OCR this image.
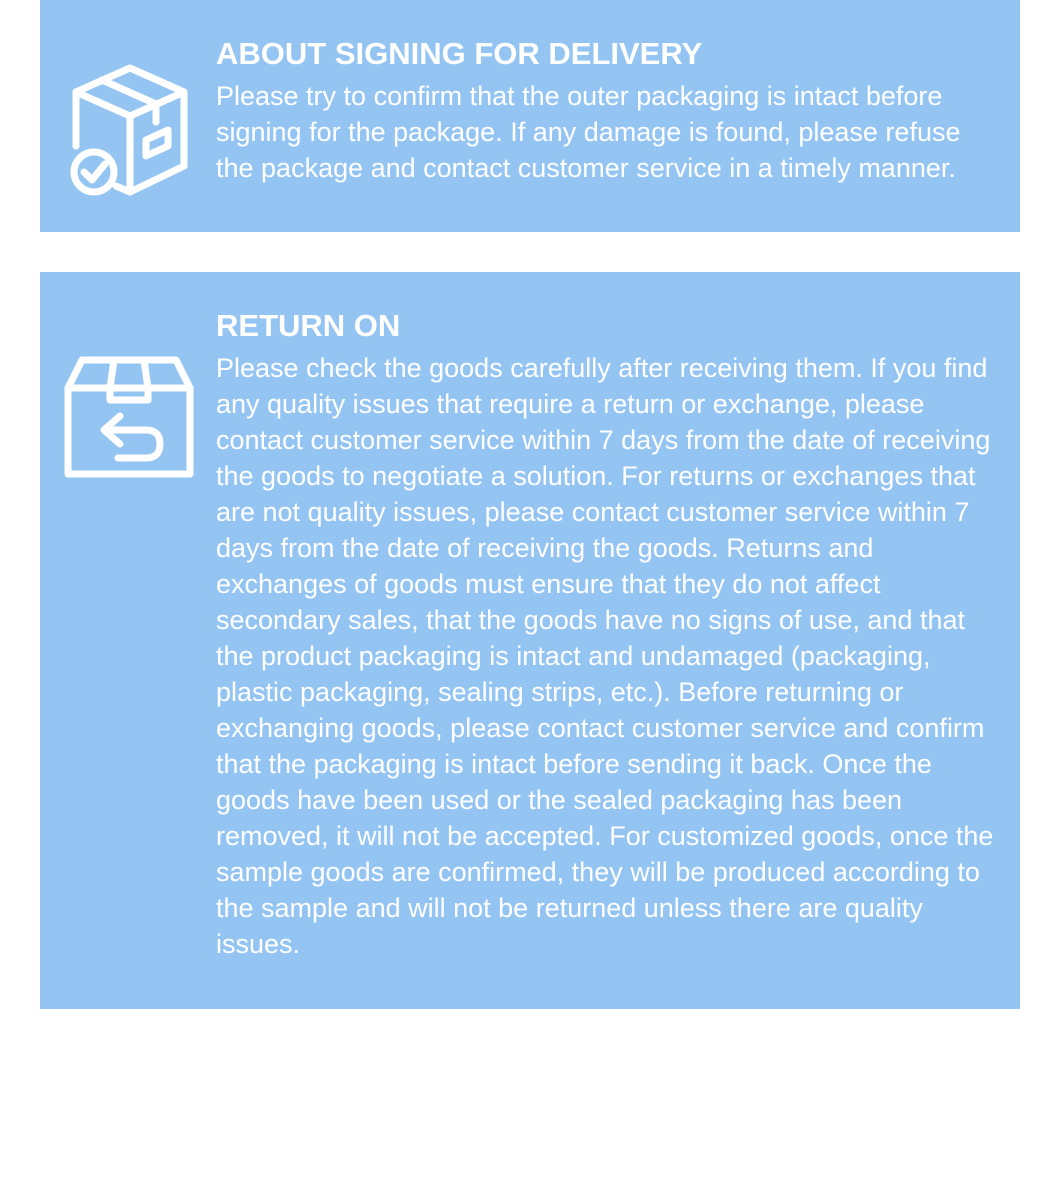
ABOUT SIGNING FOR DELIVERY

Please try to confirm that the outer packaging is intact before signing for the package. If any damage is found, please refuse the package and contact customer service in a timely manner.

RETURN ON

Please check the goods carefully after receiving them. If you find any quality issues that require a return or exchange, please contact customer service within 7 days from the date of receiving the goods to negotiate a solution. For returns or exchanges that are not quality issues, please contact customer service within 7 days from the date of receiving the goods. Returns and exchanges of goods must ensure that they do not affect secondary sales, that the goods have no signs of use, and that the product packaging is intact and undamaged (packaging, plastic packaging, sealing strips, etc.). Before returning or exchanging goods, please contact customer service and confirm that the packaging is intact before sending it back. Once the goods have been used or the sealed packaging has been removed, it will not be accepted. For customized goods, once the sample goods are confirmed, they will be produced according to the sample and will not be returned unless there are quality issues.
